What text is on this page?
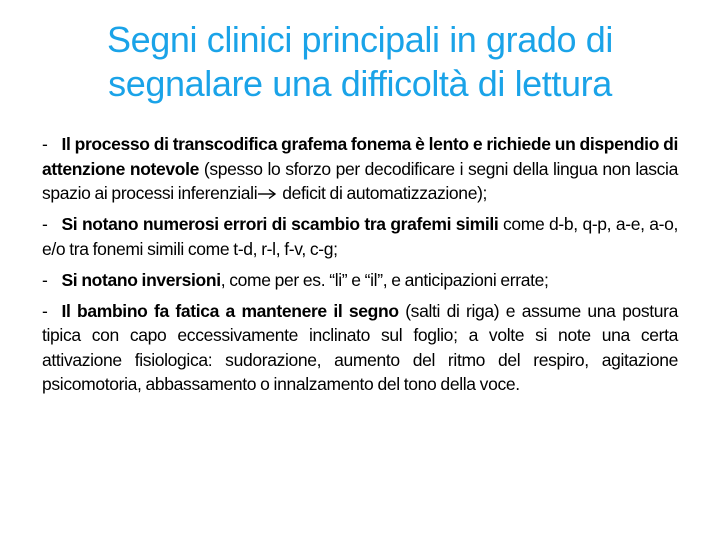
Segni clinici principali in grado di
segnalare una difficoltà di lettura

- Il processo di transcodifica grafema fonema è lento e richiede un dispendio di attenzione notevole (spesso lo sforzo per decodificare i segni della lingua non lascia spazio ai processi inferenziali deficit di automatizzazione);

- Si notano numerosi errori di scambio tra grafemi simili come d-b, q-p, a-e, a-o, e/o tra fonemi simili come t-d, r-l, f-v, c-g;

- Si notano inversioni, come per es. “li” e “il”, e anticipazioni errate;

- Il bambino fa fatica a mantenere il segno (salti di riga) e assume una postura tipica con capo eccessivamente inclinato sul foglio; a volte si note una certa attivazione fisiologica: sudorazione, aumento del ritmo del respiro, agitazione psicomotoria, abbassamento o innalzamento del tono della voce.
